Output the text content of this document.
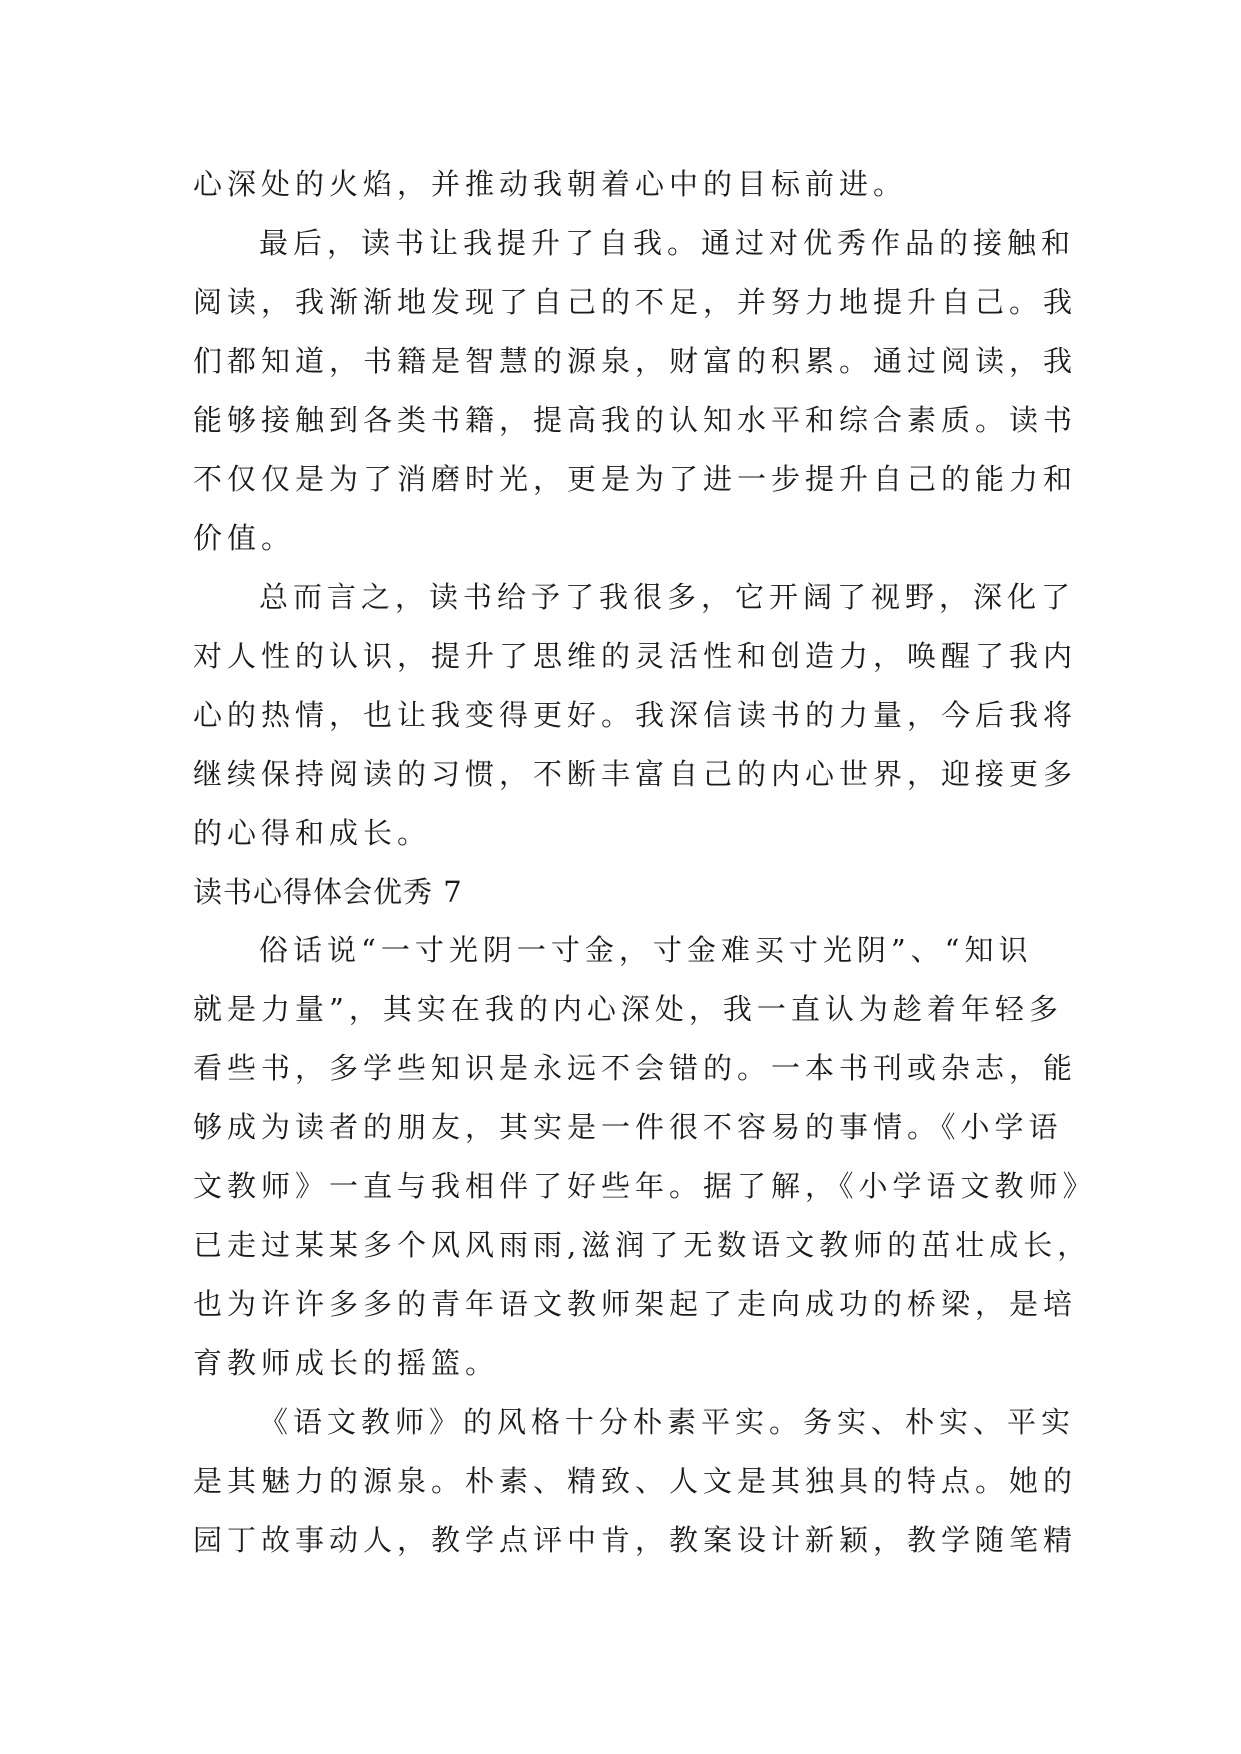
心深处的火焰，并推动我朝着心中的目标前进。
最后，读书让我提升了自我。通过对优秀作品的接触和
阅读，我渐渐地发现了自己的不足，并努力地提升自己。我
们都知道，书籍是智慧的源泉，财富的积累。通过阅读，我
能够接触到各类书籍，提高我的认知水平和综合素质。读书
不仅仅是为了消磨时光，更是为了进一步提升自己的能力和
价值。
总而言之，读书给予了我很多，它开阔了视野，深化了
对人性的认识，提升了思维的灵活性和创造力，唤醒了我内
心的热情，也让我变得更好。我深信读书的力量，今后我将
继续保持阅读的习惯，不断丰富自己的内心世界，迎接更多
的心得和成长。
读书心得体会优秀 7
俗话说“一寸光阴一寸金，寸金难买寸光阴”、“知识
就是力量”，其实在我的内心深处，我一直认为趁着年轻多
看些书，多学些知识是永远不会错的。一本书刊或杂志，能
够成为读者的朋友，其实是一件很不容易的事情。《小学语
文教师》一直与我相伴了好些年。据了解，《小学语文教师》
已走过某某多个风风雨雨,滋润了无数语文教师的茁壮成长，
也为许许多多的青年语文教师架起了走向成功的桥梁，是培
育教师成长的摇篮。
《语文教师》的风格十分朴素平实。务实、朴实、平实
是其魅力的源泉。朴素、精致、人文是其独具的特点。她的
园丁故事动人，教学点评中肯，教案设计新颖，教学随笔精
